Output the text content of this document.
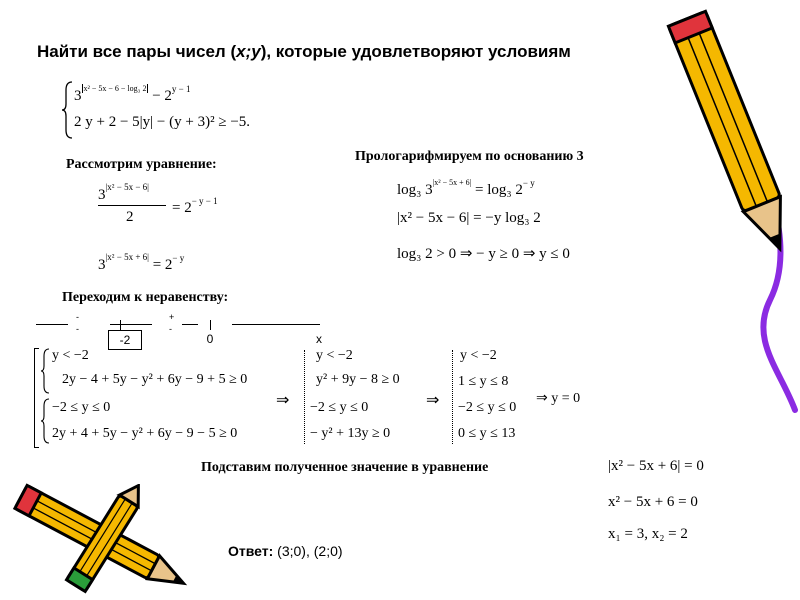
Найти все пары чисел (x;y), которые удовлетворяют условиям
3 $^{x^2 - 5x - 6 - log_3 2} - 2^{y - 1}$
2 y + 2 − 5|y| − (y + 3)² ≥ −5.
Рассмотрим уравнение:
$3^{|x^2 - 5x - 6|}$
2
= $2^{- y - 1}$
$3^{|x^2 - 5x + 6|} = 2^{- y}$
Прологарифмируем по основанию 3
log₃ $3^{|x^2 - 5x + 6|} = \log_3$ $2^{- y}$
|x² − 5x − 6| = −y log₃ 2
log₃ 2 > 0 ⇒ − y ≥ 0 ⇒ y ≤ 0
Переходим к неравенству:
-
-
+
-
-2	0	x
y < −2
2y − 4 + 5y − y² + 6y − 9 + 5 ≥ 0
−2 ≤ y ≤ 0
2y + 4 + 5y − y² + 6y − 9 − 5 ≥ 0
⇒
y < −2
y² + 9y − 8 ≥ 0
−2 ≤ y ≤ 0
− y² + 13y ≥ 0
⇒
y < −2
1 ≤ y ≤ 8
−2 ≤ y ≤ 0
0 ≤ y ≤ 13
⇒ y = 0
Подставим полученное значение в уравнение	|x² − 5x + 6| = 0
x² − 5x + 6 = 0
x₁ = 3, x₂ = 2
Ответ: (3;0), (2;0)
